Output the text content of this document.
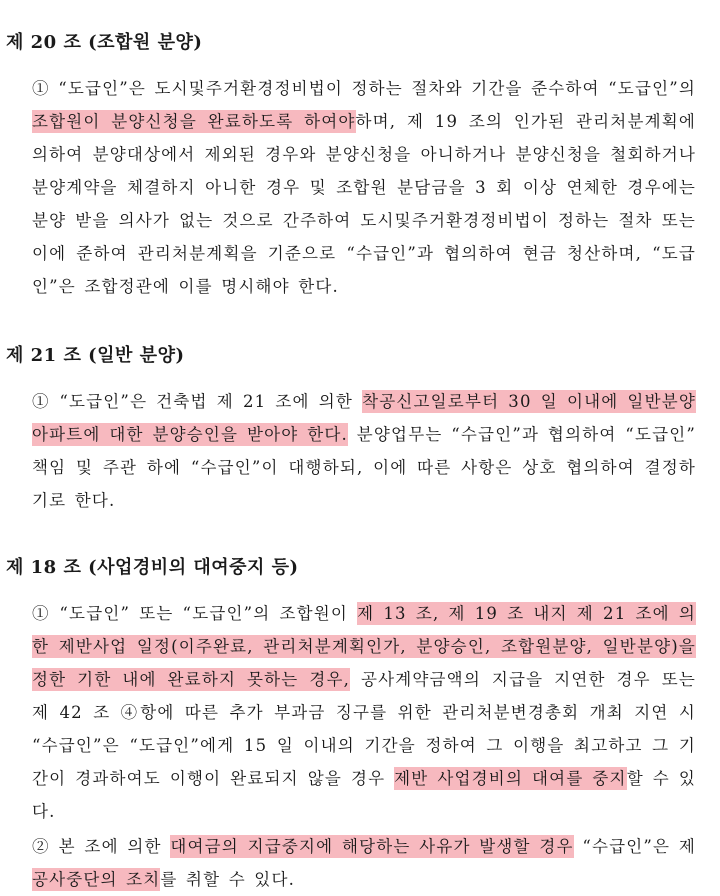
제 20 조 (조합원 분양)

① “도급인”은 도시및주거환경정비법이 정하는 절차와 기간을 준수하여 “도급인”의 조합원이 분양신청을 완료하도록 하여야하며, 제 19 조의 인가된 관리처분계획에 의하여 분양대상에서 제외된 경우와 분양신청을 아니하거나 분양신청을 철회하거나 분양계약을 체결하지 아니한 경우 및 조합원 분담금을 3 회 이상 연체한 경우에는 분양 받을 의사가 없는 것으로 간주하여 도시및주거환경정비법이 정하는 절차 또는 이에 준하여 관리처분계획을 기준으로 “수급인”과 협의하여 현금 청산하며, “도급인”은 조합정관에 이를 명시해야 한다.

제 21 조 (일반 분양)

① “도급인”은 건축법 제 21 조에 의한 착공신고일로부터 30 일 이내에 일반분양 아파트에 대한 분양승인을 받아야 한다. 분양업무는 “수급인”과 협의하여 “도급인” 책임 및 주관 하에 “수급인”이 대행하되, 이에 따른 사항은 상호 협의하여 결정하기로 한다.

제 18 조 (사업경비의 대여중지 등)

① “도급인” 또는 “도급인”의 조합원이 제 13 조, 제 19 조 내지 제 21 조에 의한 제반사업 일정(이주완료, 관리처분계획인가, 분양승인, 조합원분양, 일반분양)을 정한 기한 내에 완료하지 못하는 경우, 공사계약금액의 지급을 지연한 경우 또는 제 42 조 ④항에 따른 추가 부과금 징구를 위한 관리처분변경총회 개최 지연 시 “수급인”은 “도급인”에게 15 일 이내의 기간을 정하여 그 이행을 최고하고 그 기간이 경과하여도 이행이 완료되지 않을 경우 제반 사업경비의 대여를 중지할 수 있다.

② 본 조에 의한 대여금의 지급중지에 해당하는 사유가 발생할 경우 “수급인”은 제 공사중단의 조치를 취할 수 있다.
